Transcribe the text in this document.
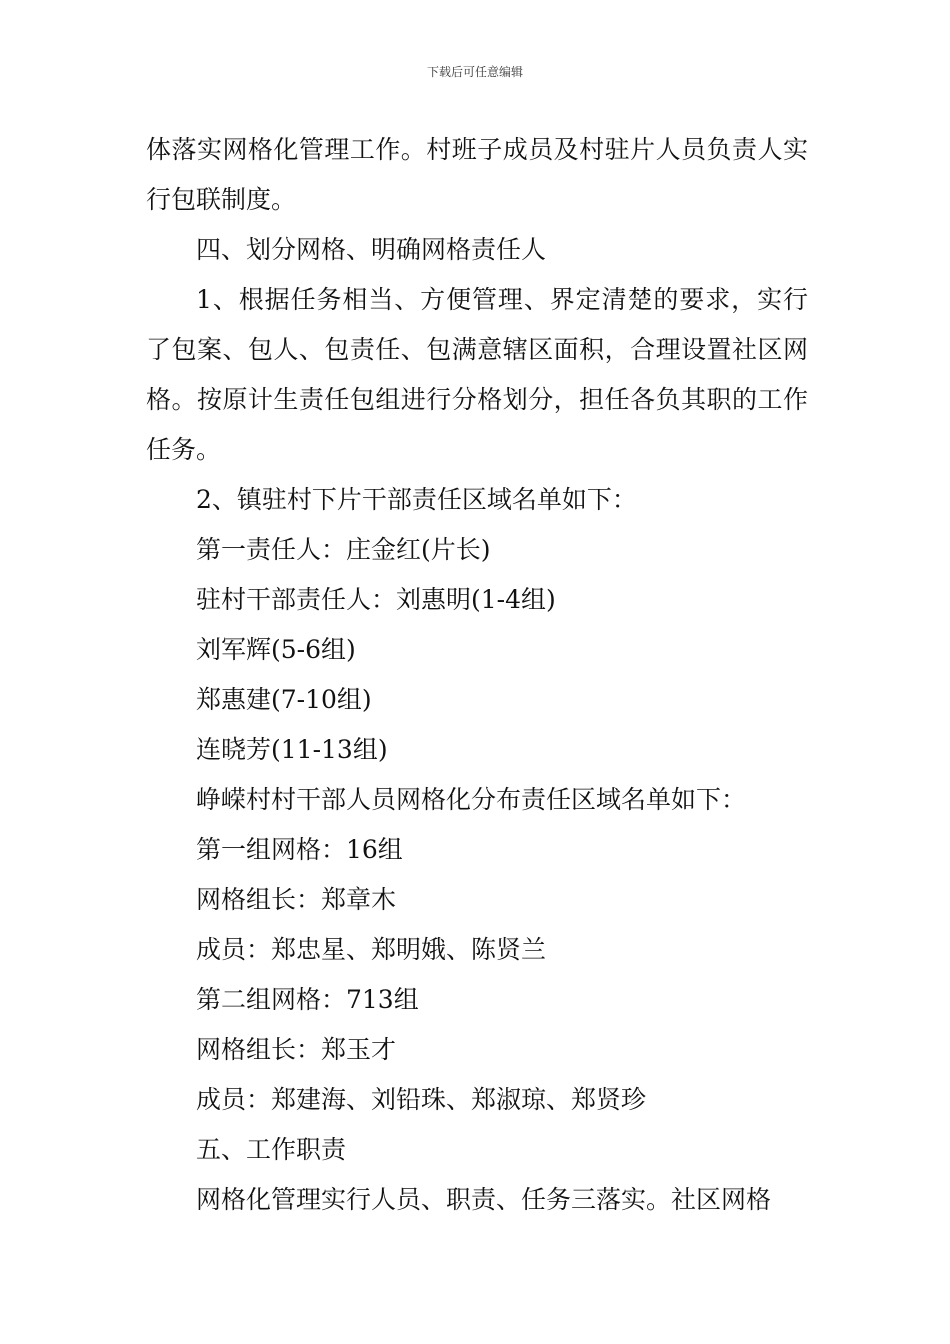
下载后可任意编辑

体落实网格化管理工作。村班子成员及村驻片人员负责人实行包联制度。

四、划分网格、明确网格责任人

1、根据任务相当、方便管理、界定清楚的要求，实行了包案、包人、包责任、包满意辖区面积，合理设置社区网格。按原计生责任包组进行分格划分，担任各负其职的工作任务。

2、镇驻村下片干部责任区域名单如下：

第一责任人：庄金红(片长)

驻村干部责任人：刘惠明(1-4组)

刘军辉(5-6组)

郑惠建(7-10组)

连晓芳(11-13组)

峥嵘村村干部人员网格化分布责任区域名单如下：

第一组网格：16组

网格组长：郑章木

成员：郑忠星、郑明娥、陈贤兰

第二组网格：713组

网格组长：郑玉才

成员：郑建海、刘铅珠、郑淑琼、郑贤珍

五、工作职责

网格化管理实行人员、职责、任务三落实。社区网格
